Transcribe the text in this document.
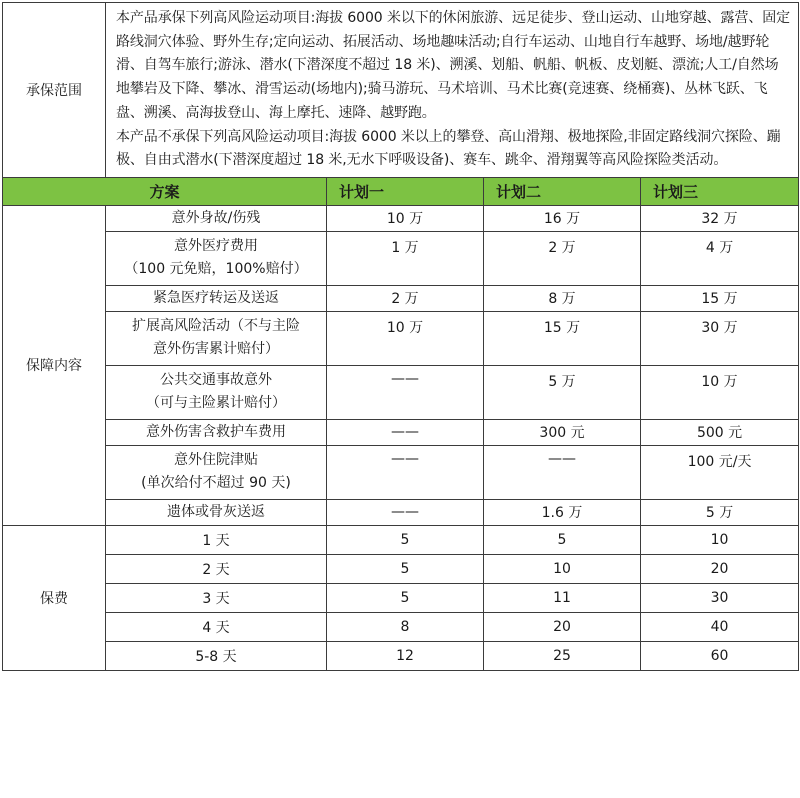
承保范围	本产品承保下列高风险运动项目:海拔 6000 米以下的休闲旅游、远足徒步、登山运动、山地穿越、露营、固定路线洞穴体验、野外生存;定向运动、拓展活动、场地趣味活动;自行车运动、山地自行车越野、场地/越野轮滑、自驾车旅行;游泳、潜水(下潜深度不超过 18 米)、溯溪、划船、帆船、帆板、皮划艇、漂流;人工/自然场地攀岩及下降、攀冰、滑雪运动(场地内);骑马游玩、马术培训、马术比赛(竞速赛、绕桶赛)、丛林飞跃、飞盘、溯溪、高海拔登山、海上摩托、速降、越野跑。

本产品不承保下列高风险运动项目:海拔 6000 米以上的攀登、高山滑翔、极地探险,非固定路线洞穴探险、蹦极、自由式潜水(下潜深度超过 18 米,无水下呼吸设备)、赛车、跳伞、滑翔翼等高风险探险类活动。			

方案		计划一	计划二	计划三
保障内容	意外身故/伤残	10 万	16 万	32 万

	意外医疗费用
（100 元免赔，100%赔付）	1 万	2 万	4 万

	紧急医疗转运及送返	2 万	8 万	15 万

	扩展高风险活动（不与主险
意外伤害累计赔付）	10 万	15 万	30 万

	公共交通事故意外
（可与主险累计赔付）	——	5 万	10 万

	意外伤害含救护车费用	——	300 元	500 元

	意外住院津贴
(单次给付不超过 90 天)	——	——	100 元/天

	遗体或骨灰送返	——	1.6 万	5 万
保费	1 天	5	5	10
	2 天	5	10	20
	3 天	5	11	30
	4 天	8	20	40
	5-8 天	12	25	60
